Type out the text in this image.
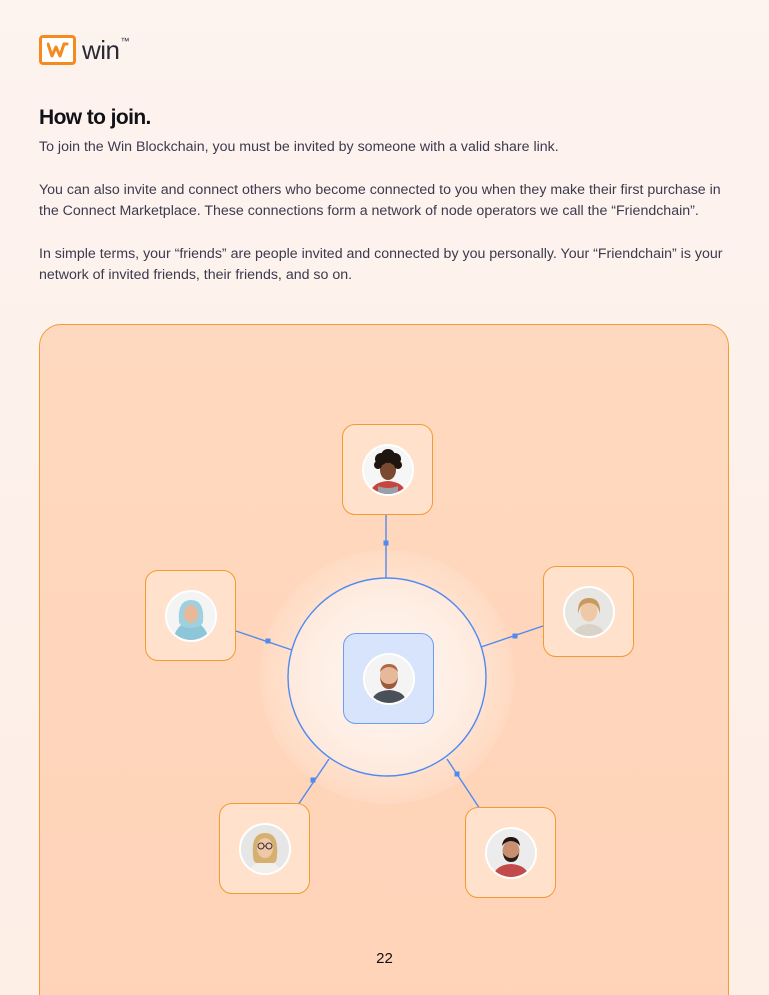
win™
How to join.

To join the Win Blockchain, you must be invited by someone with a valid share link.

You can also invite and connect others who become connected to you when they make their first purchase in the Connect Marketplace. These connections form a network of node operators we call the “Friendchain”.

In simple terms, your “friends” are people invited and connected by you personally. Your “Friendchain” is your network of invited friends, their friends, and so on.

22
